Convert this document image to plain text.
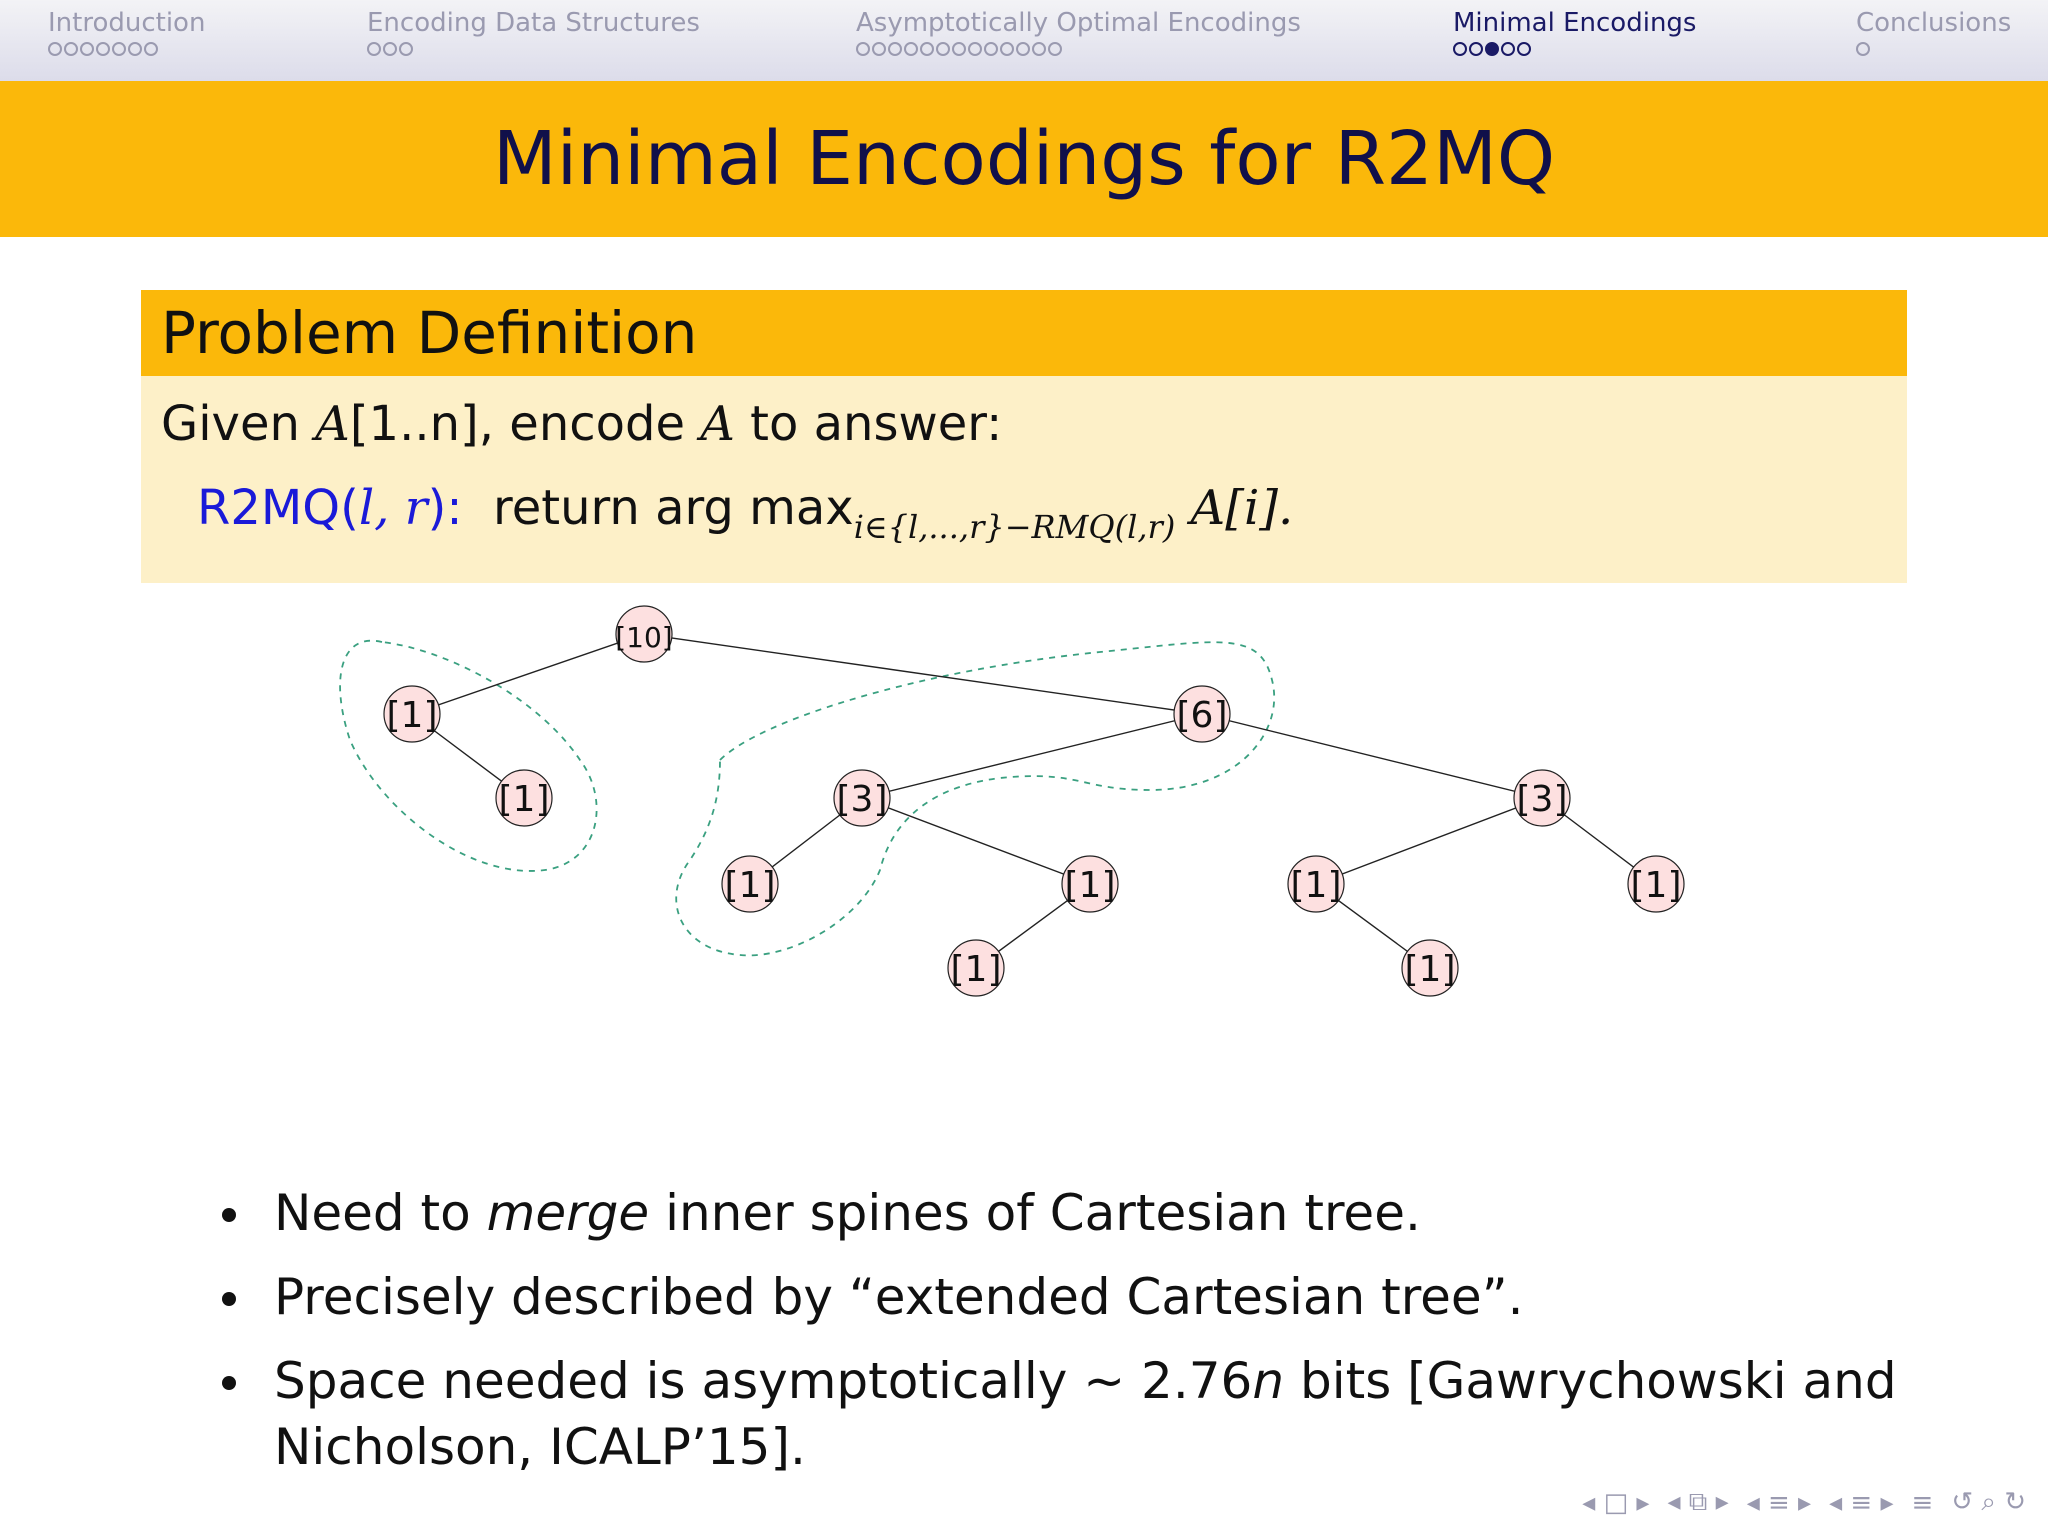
Introduction	Encoding Data Structures	Asymptotically Optimal Encodings	Minimal Encodings	Conclusions
Minimal Encodings for R2MQ
Problem Definition
Given A[1..n], encode A to answer:
R2MQ(l, r):  return arg $\max_{i\in\{l,...,r\}-RMQ(l,r)} A[i]$.
[10]
[1]
[1]
[6]
[3]
[1]	[1]
[1]
[3]
[1]	[1]
[1]
Need to merge inner spines of Cartesian tree.
Precisely described by “extended Cartesian tree”.
Space needed is asymptotically ∼ 2.76n bits [Gawrychowski and Nicholson, ICALP’15].
◂ □ ▸ ◂ ⧉ ▸ ◂ ≡ ▸ ◂ ≡ ▸ ≡ ↺ ⌕ ↻
